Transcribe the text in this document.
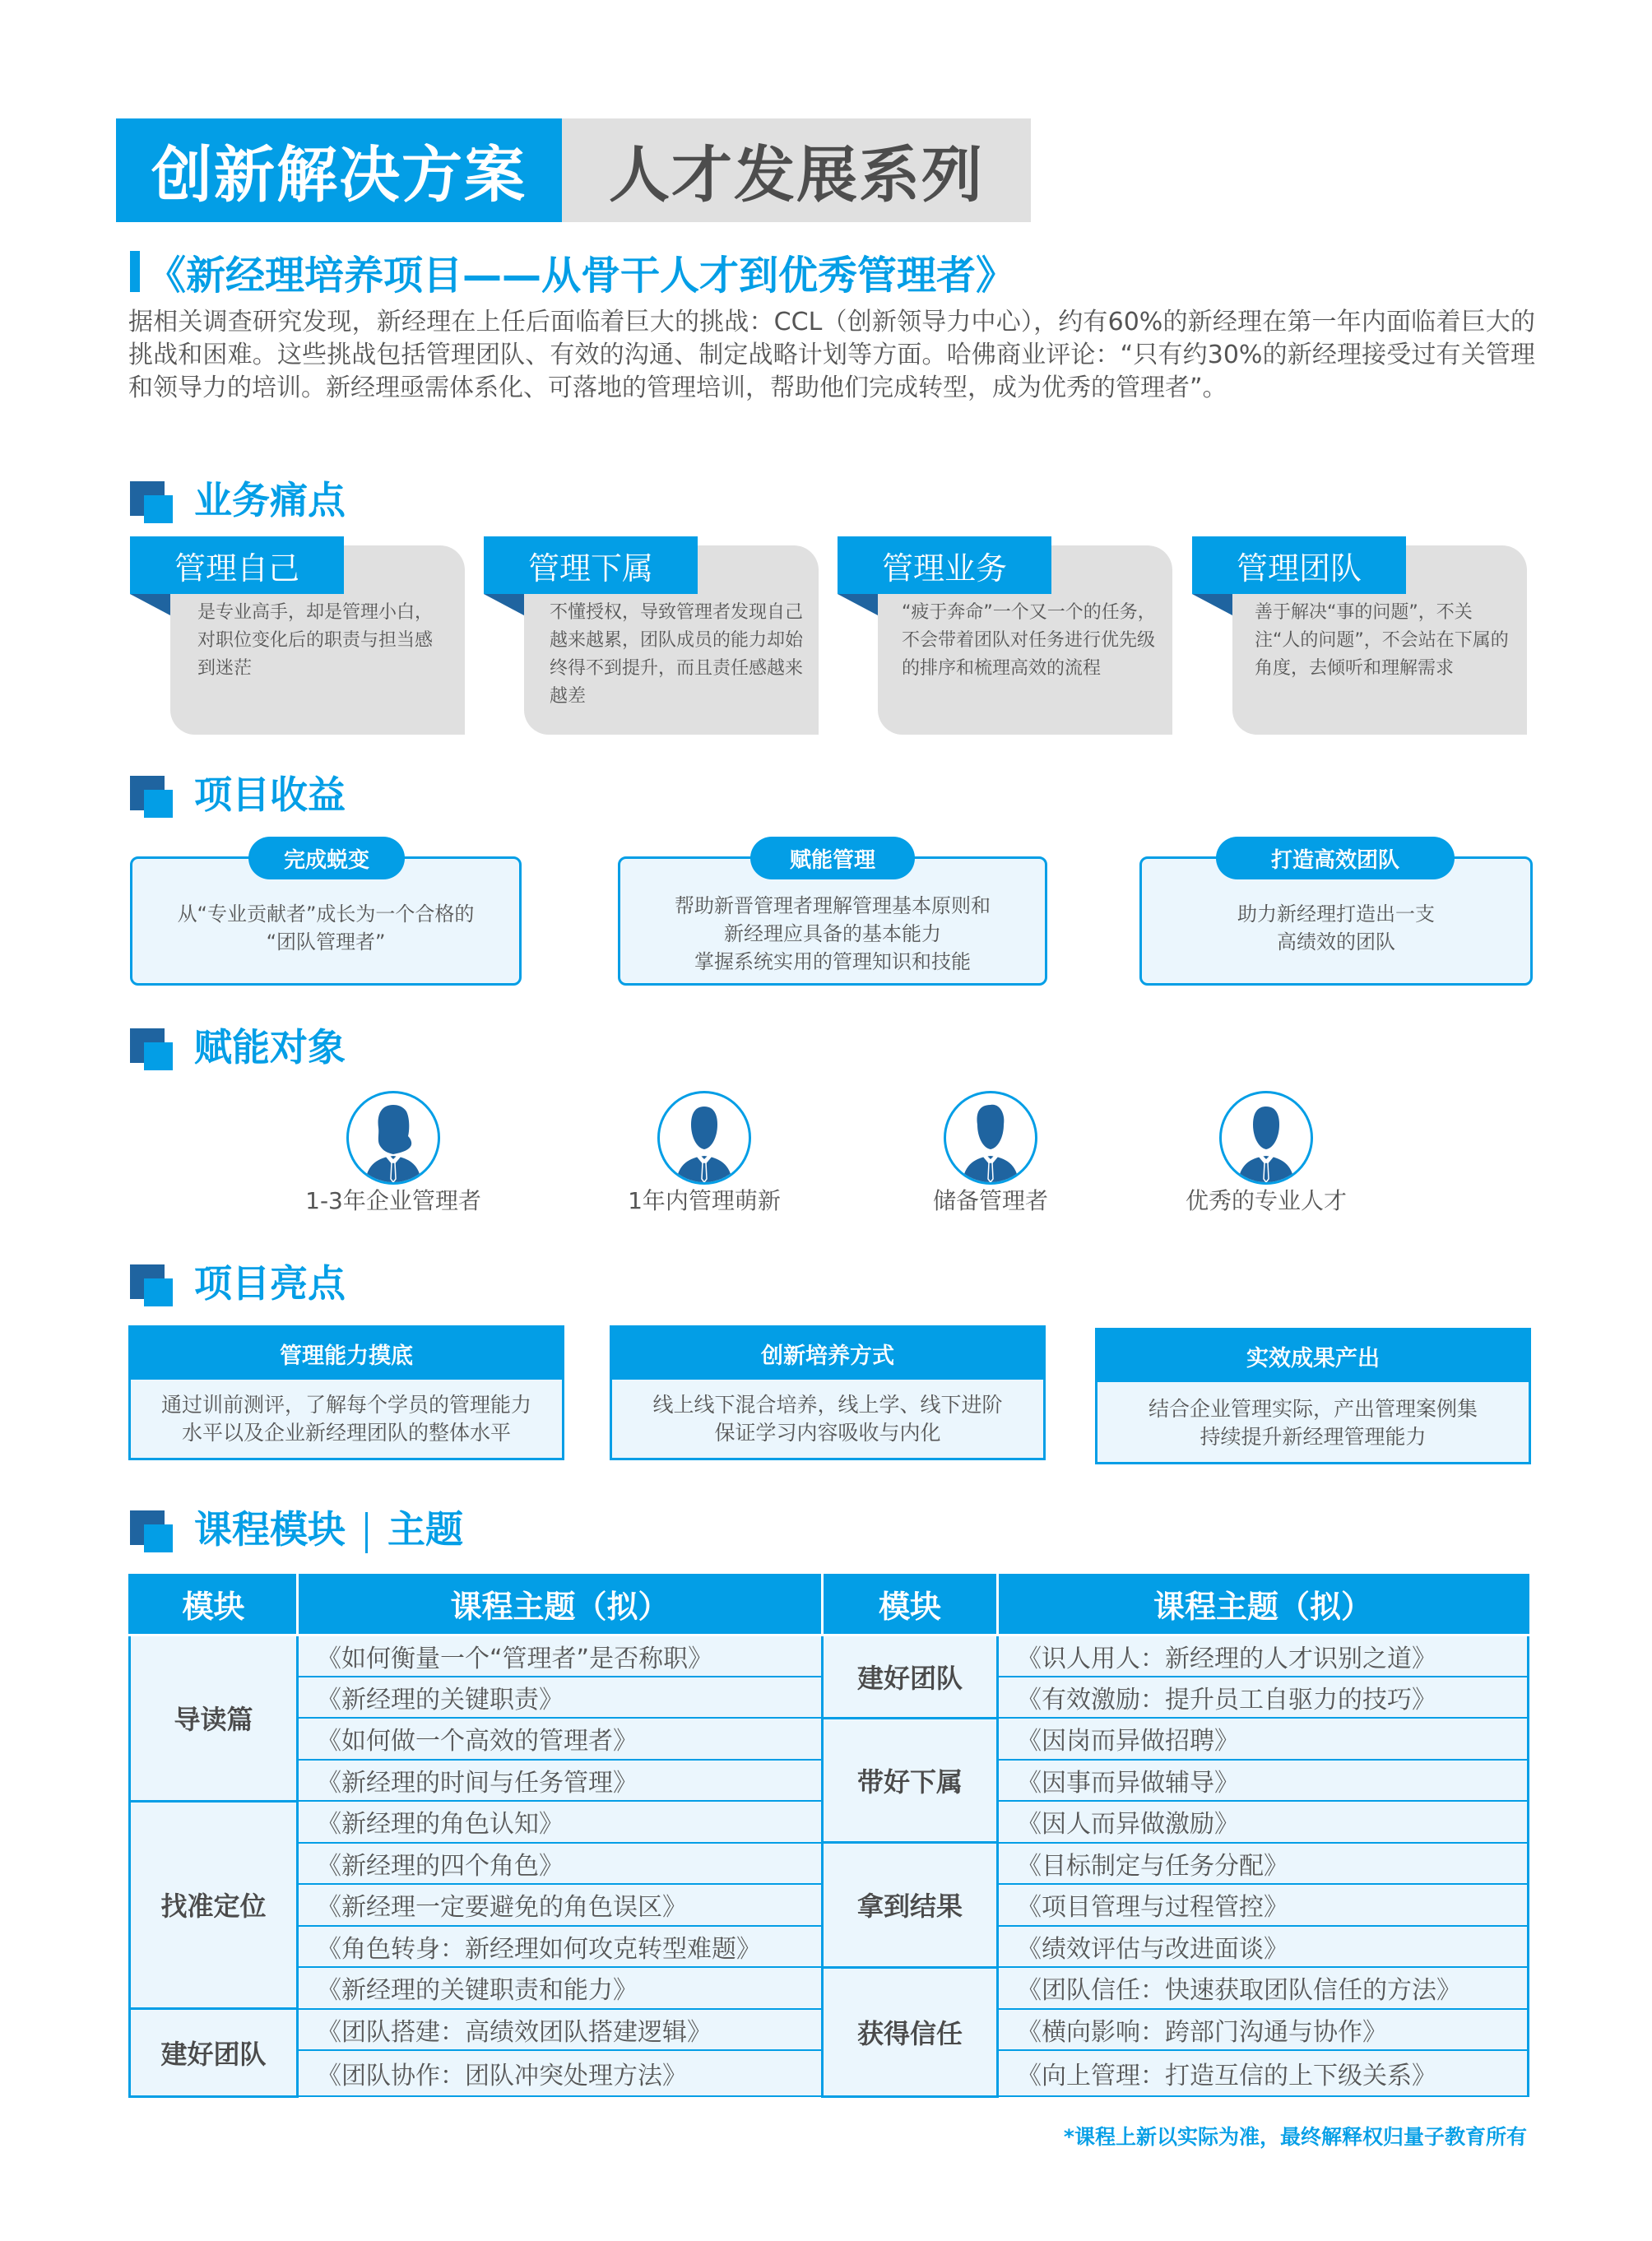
创新解决方案	人才发展系列
《新经理培养项目——从骨干人才到优秀管理者》
据相关调查研究发现，新经理在上任后面临着巨大的挑战：CCL（创新领导力中心），约有60%的新经理在第一年内面临着巨大的挑战和困难。这些挑战包括管理团队、有效的沟通、制定战略计划等方面。哈佛商业评论：“只有约30%的新经理接受过有关管理和领导力的培训。新经理亟需体系化、可落地的管理培训，帮助他们完成转型，成为优秀的管理者”。
业务痛点
管理自己
是专业高手，却是管理小白，对职位变化后的职责与担当感到迷茫
管理下属
不懂授权，导致管理者发现自己越来越累，团队成员的能力却始终得不到提升，而且责任感越来越差
管理业务
“疲于奔命”一个又一个的任务，不会带着团队对任务进行优先级的排序和梳理高效的流程
管理团队
善于解决“事的问题”，不关注“人的问题”，不会站在下属的角度，去倾听和理解需求
项目收益
从“专业贡献者”成长为一个合格的
“团队管理者”
完成蜕变
帮助新晋管理者理解管理基本原则和
新经理应具备的基本能力
掌握系统实用的管理知识和技能
赋能管理
助力新经理打造出一支
高绩效的团队
打造高效团队
赋能对象
1-3年企业管理者	1年内管理萌新	储备管理者	优秀的专业人才
项目亮点
管理能力摸底
通过训前测评，了解每个学员的管理能力
水平以及企业新经理团队的整体水平
创新培养方式
线上线下混合培养，线上学、线下进阶
保证学习内容吸收与内化
实效成果产出
结合企业管理实际，产出管理案例集
持续提升新经理管理能力
课程模块 主题
模块	课程主题（拟）	模块	课程主题（拟）
导读篇	《如何衡量一个“管理者”是否称职》	建好团队	《识人用人：新经理的人才识别之道》
	《新经理的关键职责》		《有效激励：提升员工自驱力的技巧》
	《如何做一个高效的管理者》	带好下属	《因岗而异做招聘》
	《新经理的时间与任务管理》		《因事而异做辅导》
找准定位	《新经理的角色认知》		《因人而异做激励》
	《新经理的四个角色》	拿到结果	《目标制定与任务分配》
	《新经理一定要避免的角色误区》		《项目管理与过程管控》
	《角色转身：新经理如何攻克转型难题》		《绩效评估与改进面谈》
	《新经理的关键职责和能力》	获得信任	《团队信任：快速获取团队信任的方法》
建好团队	《团队搭建：高绩效团队搭建逻辑》		《横向影响：跨部门沟通与协作》
	《团队协作：团队冲突处理方法》		《向上管理：打造互信的上下级关系》
*课程上新以实际为准，最终解释权归量子教育所有
